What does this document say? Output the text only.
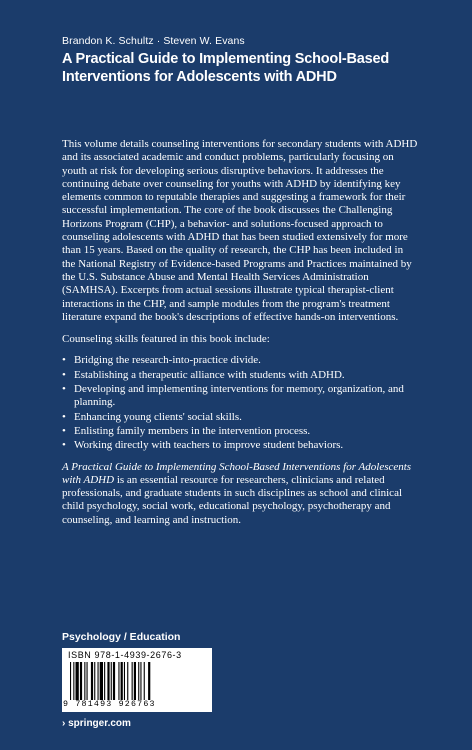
Brandon K. Schultz · Steven W. Evans
A Practical Guide to Implementing School-Based Interventions for Adolescents with ADHD

This volume details counseling interventions for secondary students with ADHD and its associated academic and conduct problems, particularly focusing on youth at risk for developing serious disruptive behaviors. It addresses the continuing debate over counseling for youths with ADHD by identifying key elements common to reputable therapies and suggesting a framework for their successful implementation. The core of the book discusses the Challenging Horizons Program (CHP), a behavior- and solutions-focused approach to counseling adolescents with ADHD that has been studied extensively for more than 15 years. Based on the quality of research, the CHP has been included in the National Registry of Evidence-based Programs and Practices maintained by the U.S. Substance Abuse and Mental Health Services Administration (SAMHSA). Excerpts from actual sessions illustrate typical therapist-client interactions in the CHP, and sample modules from the program's treatment literature expand the book's descriptions of effective hands-on interventions.

Counseling skills featured in this book include:

• Bridging the research-into-practice divide.
• Establishing a therapeutic alliance with students with ADHD.
• Developing and implementing interventions for memory, organization, and planning.
• Enhancing young clients' social skills.
• Enlisting family members in the intervention process.
• Working directly with teachers to improve student behaviors.

A Practical Guide to Implementing School-Based Interventions for Adolescents with ADHD is an essential resource for researchers, clinicians and related professionals, and graduate students in such disciplines as school and clinical child psychology, social work, educational psychology, psychotherapy and counseling, and learning and instruction.

Psychology / Education
ISBN 978-1-4939-2676-3
9 781493 926763
› springer.com
